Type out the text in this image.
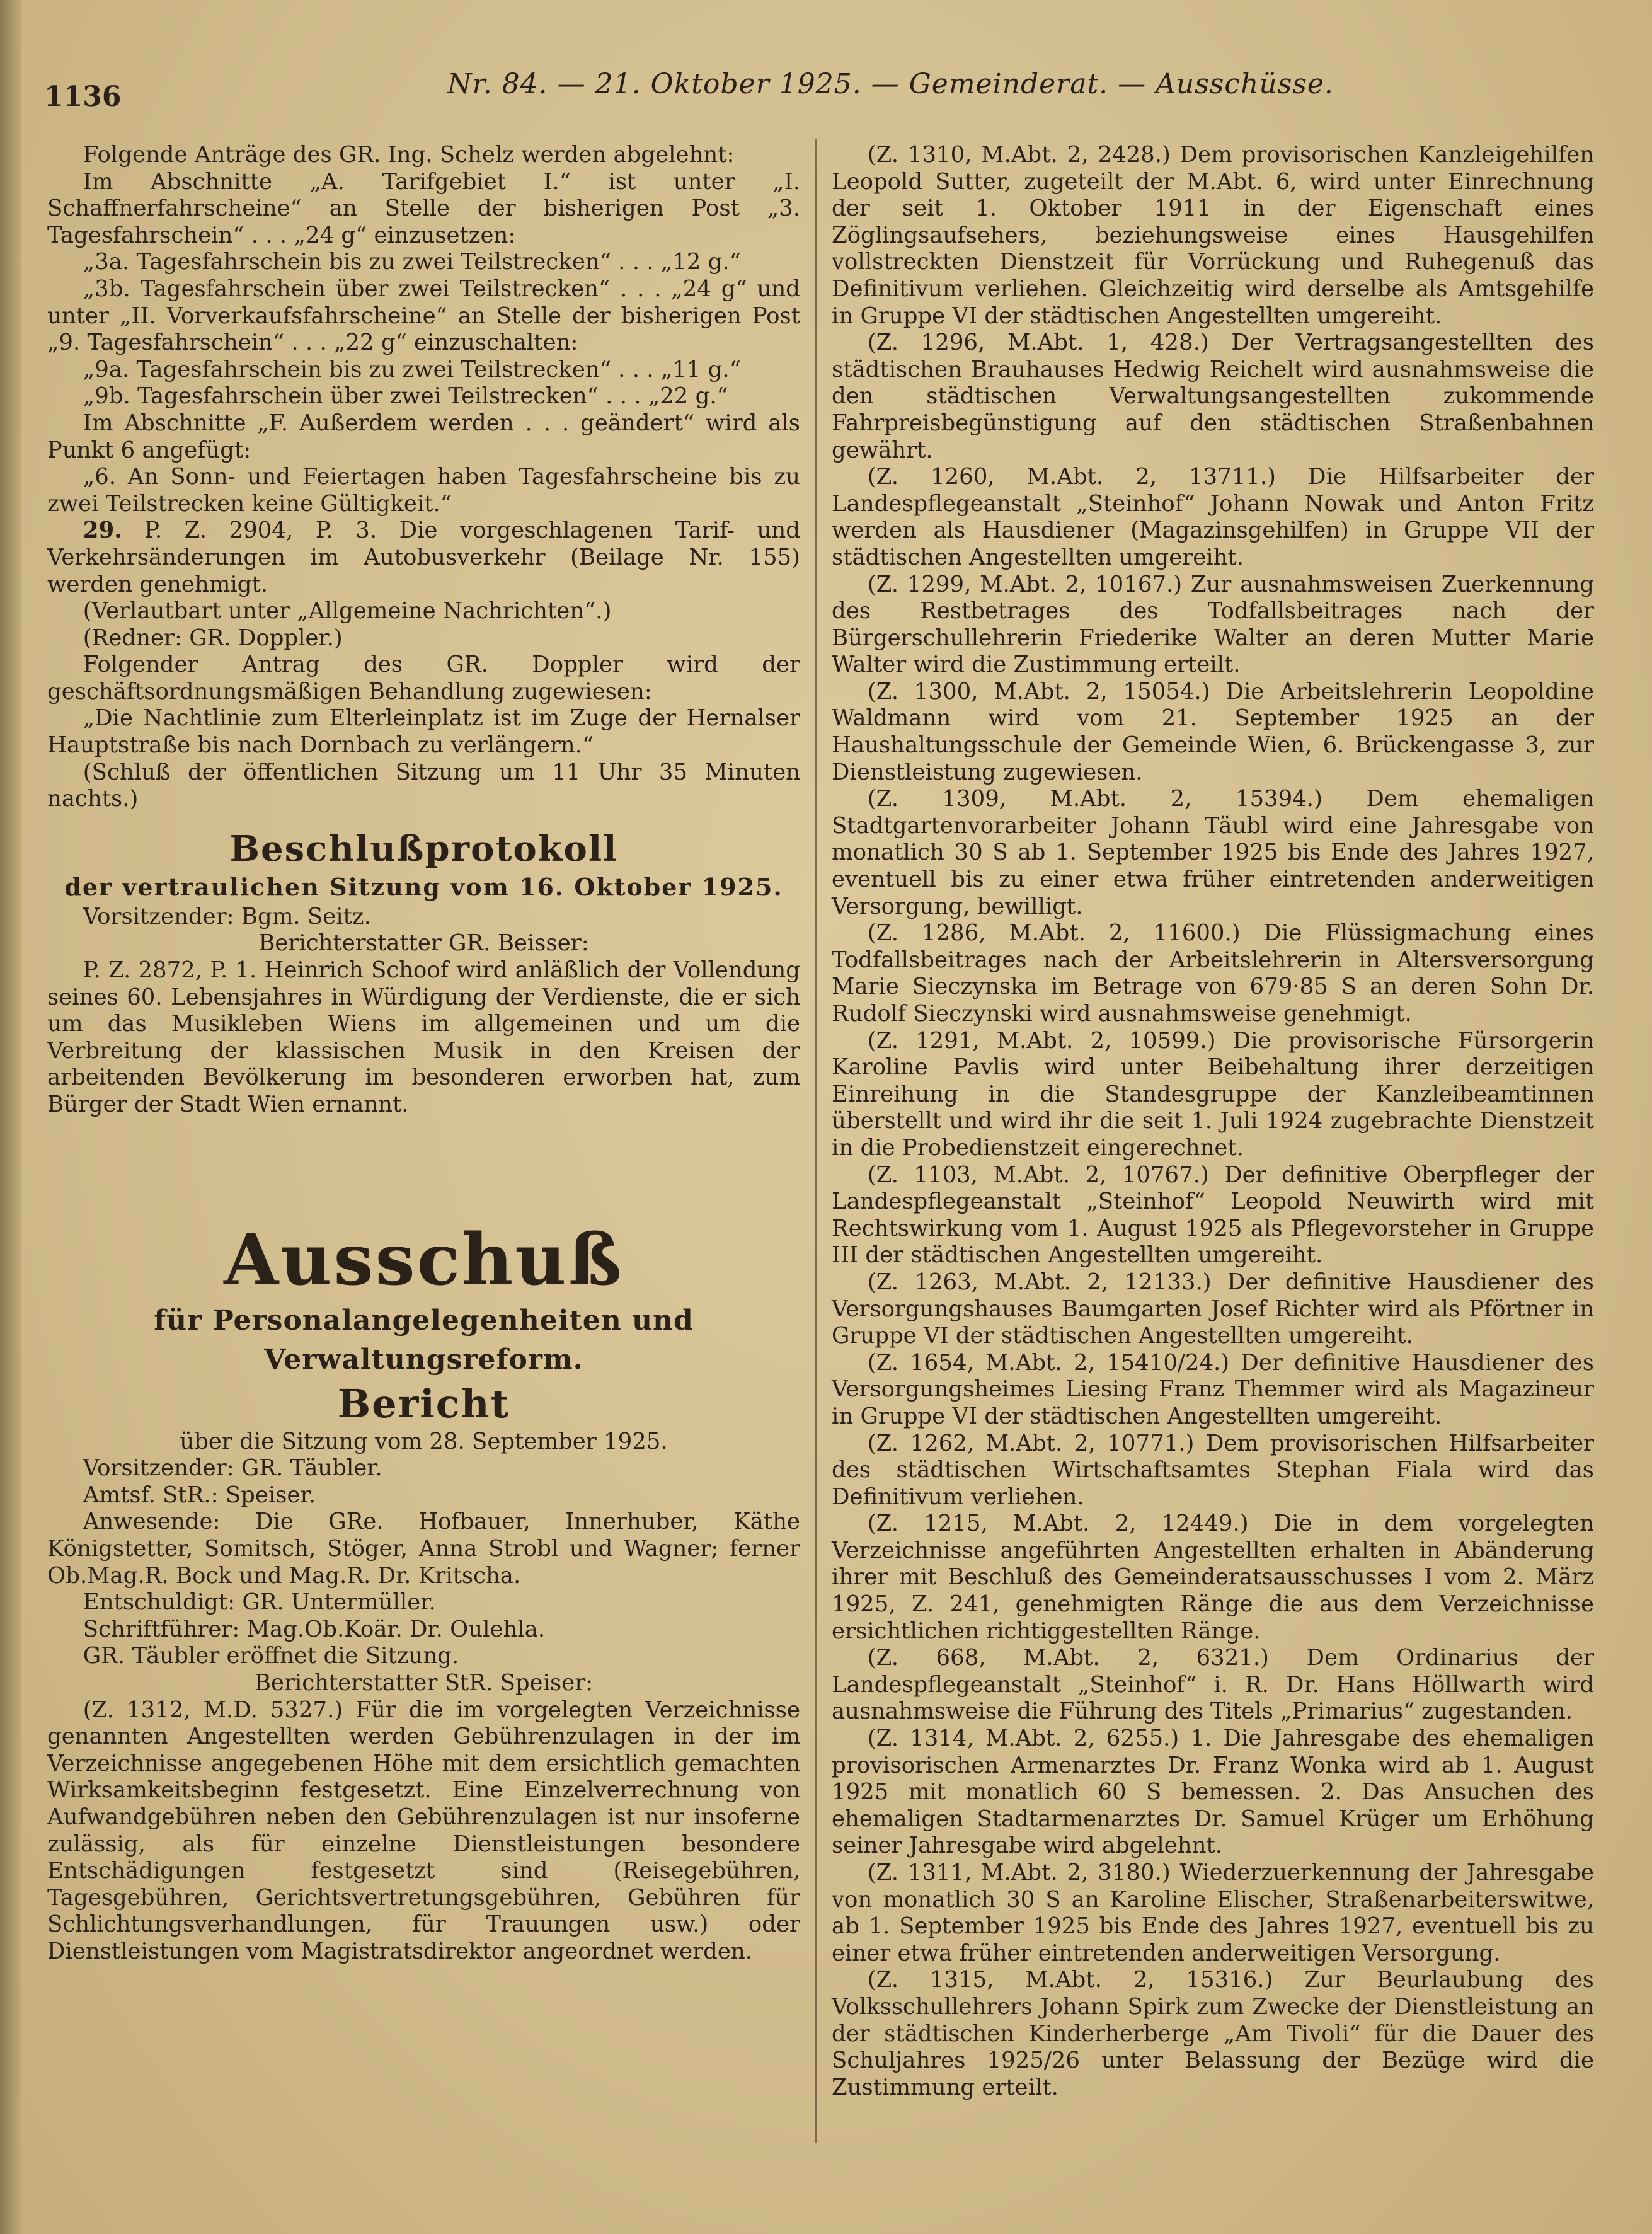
1136	Nr. 84. — 21. Oktober 1925. — Gemeinderat. — Ausschüsse.

Folgende Anträge des GR. Ing. Schelz werden abgelehnt:

Im Abschnitte „A. Tarifgebiet I.“ ist unter „I. Schaffnerfahrscheine“ an Stelle der bisherigen Post „3. Tagesfahrschein“ . . . „24 g“ einzusetzen:

„3a. Tagesfahrschein bis zu zwei Teilstrecken“ . . . „12 g.“

„3b. Tagesfahrschein über zwei Teilstrecken“ . . . „24 g“ und unter „II. Vorverkaufsfahrscheine“ an Stelle der bisherigen Post „9. Tagesfahrschein“ . . . „22 g“ einzuschalten:

„9a. Tagesfahrschein bis zu zwei Teilstrecken“ . . . „11 g.“

„9b. Tagesfahrschein über zwei Teilstrecken“ . . . „22 g.“

Im Abschnitte „F. Außerdem werden . . . geändert“ wird als Punkt 6 angefügt:

„6. An Sonn- und Feiertagen haben Tagesfahrscheine bis zu zwei Teilstrecken keine Gültigkeit.“

29. P. Z. 2904, P. 3. Die vorgeschlagenen Tarif- und Verkehrsänderungen im Autobusverkehr (Beilage Nr. 155) werden genehmigt.

(Verlautbart unter „Allgemeine Nachrichten“.)

(Redner: GR. Doppler.)

Folgender Antrag des GR. Doppler wird der geschäftsordnungsmäßigen Behandlung zugewiesen:

„Die Nachtlinie zum Elterleinplatz ist im Zuge der Hernalser Hauptstraße bis nach Dornbach zu verlängern.“

(Schluß der öffentlichen Sitzung um 11 Uhr 35 Minuten nachts.)

Beschlußprotokoll
der vertraulichen Sitzung vom 16. Oktober 1925.

Vorsitzender: Bgm. Seitz.

Berichterstatter GR. Beisser:

P. Z. 2872, P. 1. Heinrich Schoof wird anläßlich der Vollendung seines 60. Lebensjahres in Würdigung der Verdienste, die er sich um das Musikleben Wiens im allgemeinen und um die Verbreitung der klassischen Musik in den Kreisen der arbeitenden Bevölkerung im besonderen erworben hat, zum Bürger der Stadt Wien ernannt.

Ausschuß
für Personalangelegenheiten und Verwaltungsreform.
Bericht

über die Sitzung vom 28. September 1925.

Vorsitzender: GR. Täubler.

Amtsf. StR.: Speiser.

Anwesende: Die GRe. Hofbauer, Innerhuber, Käthe Königstetter, Somitsch, Stöger, Anna Strobl und Wagner; ferner Ob.Mag.R. Bock und Mag.R. Dr. Kritscha.

Entschuldigt: GR. Untermüller.

Schriftführer: Mag.Ob.Koär. Dr. Oulehla.

GR. Täubler eröffnet die Sitzung.

Berichterstatter StR. Speiser:

(Z. 1312, M.D. 5327.) Für die im vorgelegten Verzeichnisse genannten Angestellten werden Gebührenzulagen in der im Verzeichnisse angegebenen Höhe mit dem ersichtlich gemachten Wirksamkeitsbeginn festgesetzt. Eine Einzelverrechnung von Aufwandgebühren neben den Gebührenzulagen ist nur insoferne zulässig, als für einzelne Dienstleistungen besondere Entschädigungen festgesetzt sind (Reisegebühren, Tagesgebühren, Gerichtsvertretungsgebühren, Gebühren für Schlichtungsverhandlungen, für Trauungen usw.) oder Dienstleistungen vom Magistratsdirektor angeordnet werden.

(Z. 1310, M.Abt. 2, 2428.) Dem provisorischen Kanzleigehilfen Leopold Sutter, zugeteilt der M.Abt. 6, wird unter Einrechnung der seit 1. Oktober 1911 in der Eigenschaft eines Zöglingsaufsehers, beziehungsweise eines Hausgehilfen vollstreckten Dienstzeit für Vorrückung und Ruhegenuß das Definitivum verliehen. Gleichzeitig wird derselbe als Amtsgehilfe in Gruppe VI der städtischen Angestellten umgereiht.

(Z. 1296, M.Abt. 1, 428.) Der Vertragsangestellten des städtischen Brauhauses Hedwig Reichelt wird ausnahmsweise die den städtischen Verwaltungsangestellten zukommende Fahrpreisbegünstigung auf den städtischen Straßenbahnen gewährt.

(Z. 1260, M.Abt. 2, 13711.) Die Hilfsarbeiter der Landespflegeanstalt „Steinhof“ Johann Nowak und Anton Fritz werden als Hausdiener (Magazinsgehilfen) in Gruppe VII der städtischen Angestellten umgereiht.

(Z. 1299, M.Abt. 2, 10167.) Zur ausnahmsweisen Zuerkennung des Restbetrages des Todfallsbeitrages nach der Bürgerschullehrerin Friederike Walter an deren Mutter Marie Walter wird die Zustimmung erteilt.

(Z. 1300, M.Abt. 2, 15054.) Die Arbeitslehrerin Leopoldine Waldmann wird vom 21. September 1925 an der Haushaltungsschule der Gemeinde Wien, 6. Brückengasse 3, zur Dienstleistung zugewiesen.

(Z. 1309, M.Abt. 2, 15394.) Dem ehemaligen Stadtgartenvorarbeiter Johann Täubl wird eine Jahresgabe von monatlich 30 S ab 1. September 1925 bis Ende des Jahres 1927, eventuell bis zu einer etwa früher eintretenden anderweitigen Versorgung, bewilligt.

(Z. 1286, M.Abt. 2, 11600.) Die Flüssigmachung eines Todfallsbeitrages nach der Arbeitslehrerin in Altersversorgung Marie Sieczynska im Betrage von 679·85 S an deren Sohn Dr. Rudolf Sieczynski wird ausnahmsweise genehmigt.

(Z. 1291, M.Abt. 2, 10599.) Die provisorische Fürsorgerin Karoline Pavlis wird unter Beibehaltung ihrer derzeitigen Einreihung in die Standesgruppe der Kanzleibeamtinnen überstellt und wird ihr die seit 1. Juli 1924 zugebrachte Dienstzeit in die Probedienstzeit eingerechnet.

(Z. 1103, M.Abt. 2, 10767.) Der definitive Oberpfleger der Landespflegeanstalt „Steinhof“ Leopold Neuwirth wird mit Rechtswirkung vom 1. August 1925 als Pflegevorsteher in Gruppe III der städtischen Angestellten umgereiht.

(Z. 1263, M.Abt. 2, 12133.) Der definitive Hausdiener des Versorgungshauses Baumgarten Josef Richter wird als Pförtner in Gruppe VI der städtischen Angestellten umgereiht.

(Z. 1654, M.Abt. 2, 15410/24.) Der definitive Hausdiener des Versorgungsheimes Liesing Franz Themmer wird als Magazineur in Gruppe VI der städtischen Angestellten umgereiht.

(Z. 1262, M.Abt. 2, 10771.) Dem provisorischen Hilfsarbeiter des städtischen Wirtschaftsamtes Stephan Fiala wird das Definitivum verliehen.

(Z. 1215, M.Abt. 2, 12449.) Die in dem vorgelegten Verzeichnisse angeführten Angestellten erhalten in Abänderung ihrer mit Beschluß des Gemeinderatsausschusses I vom 2. März 1925, Z. 241, genehmigten Ränge die aus dem Verzeichnisse ersichtlichen richtiggestellten Ränge.

(Z. 668, M.Abt. 2, 6321.) Dem Ordinarius der Landespflegeanstalt „Steinhof“ i. R. Dr. Hans Höllwarth wird ausnahmsweise die Führung des Titels „Primarius“ zugestanden.

(Z. 1314, M.Abt. 2, 6255.) 1. Die Jahresgabe des ehemaligen provisorischen Armenarztes Dr. Franz Wonka wird ab 1. August 1925 mit monatlich 60 S bemessen. 2. Das Ansuchen des ehemaligen Stadtarmenarztes Dr. Samuel Krüger um Erhöhung seiner Jahresgabe wird abgelehnt.

(Z. 1311, M.Abt. 2, 3180.) Wiederzuerkennung der Jahresgabe von monatlich 30 S an Karoline Elischer, Straßenarbeiterswitwe, ab 1. September 1925 bis Ende des Jahres 1927, eventuell bis zu einer etwa früher eintretenden anderweitigen Versorgung.

(Z. 1315, M.Abt. 2, 15316.) Zur Beurlaubung des Volksschullehrers Johann Spirk zum Zwecke der Dienstleistung an der städtischen Kinderherberge „Am Tivoli“ für die Dauer des Schuljahres 1925/26 unter Belassung der Bezüge wird die Zustimmung erteilt.
